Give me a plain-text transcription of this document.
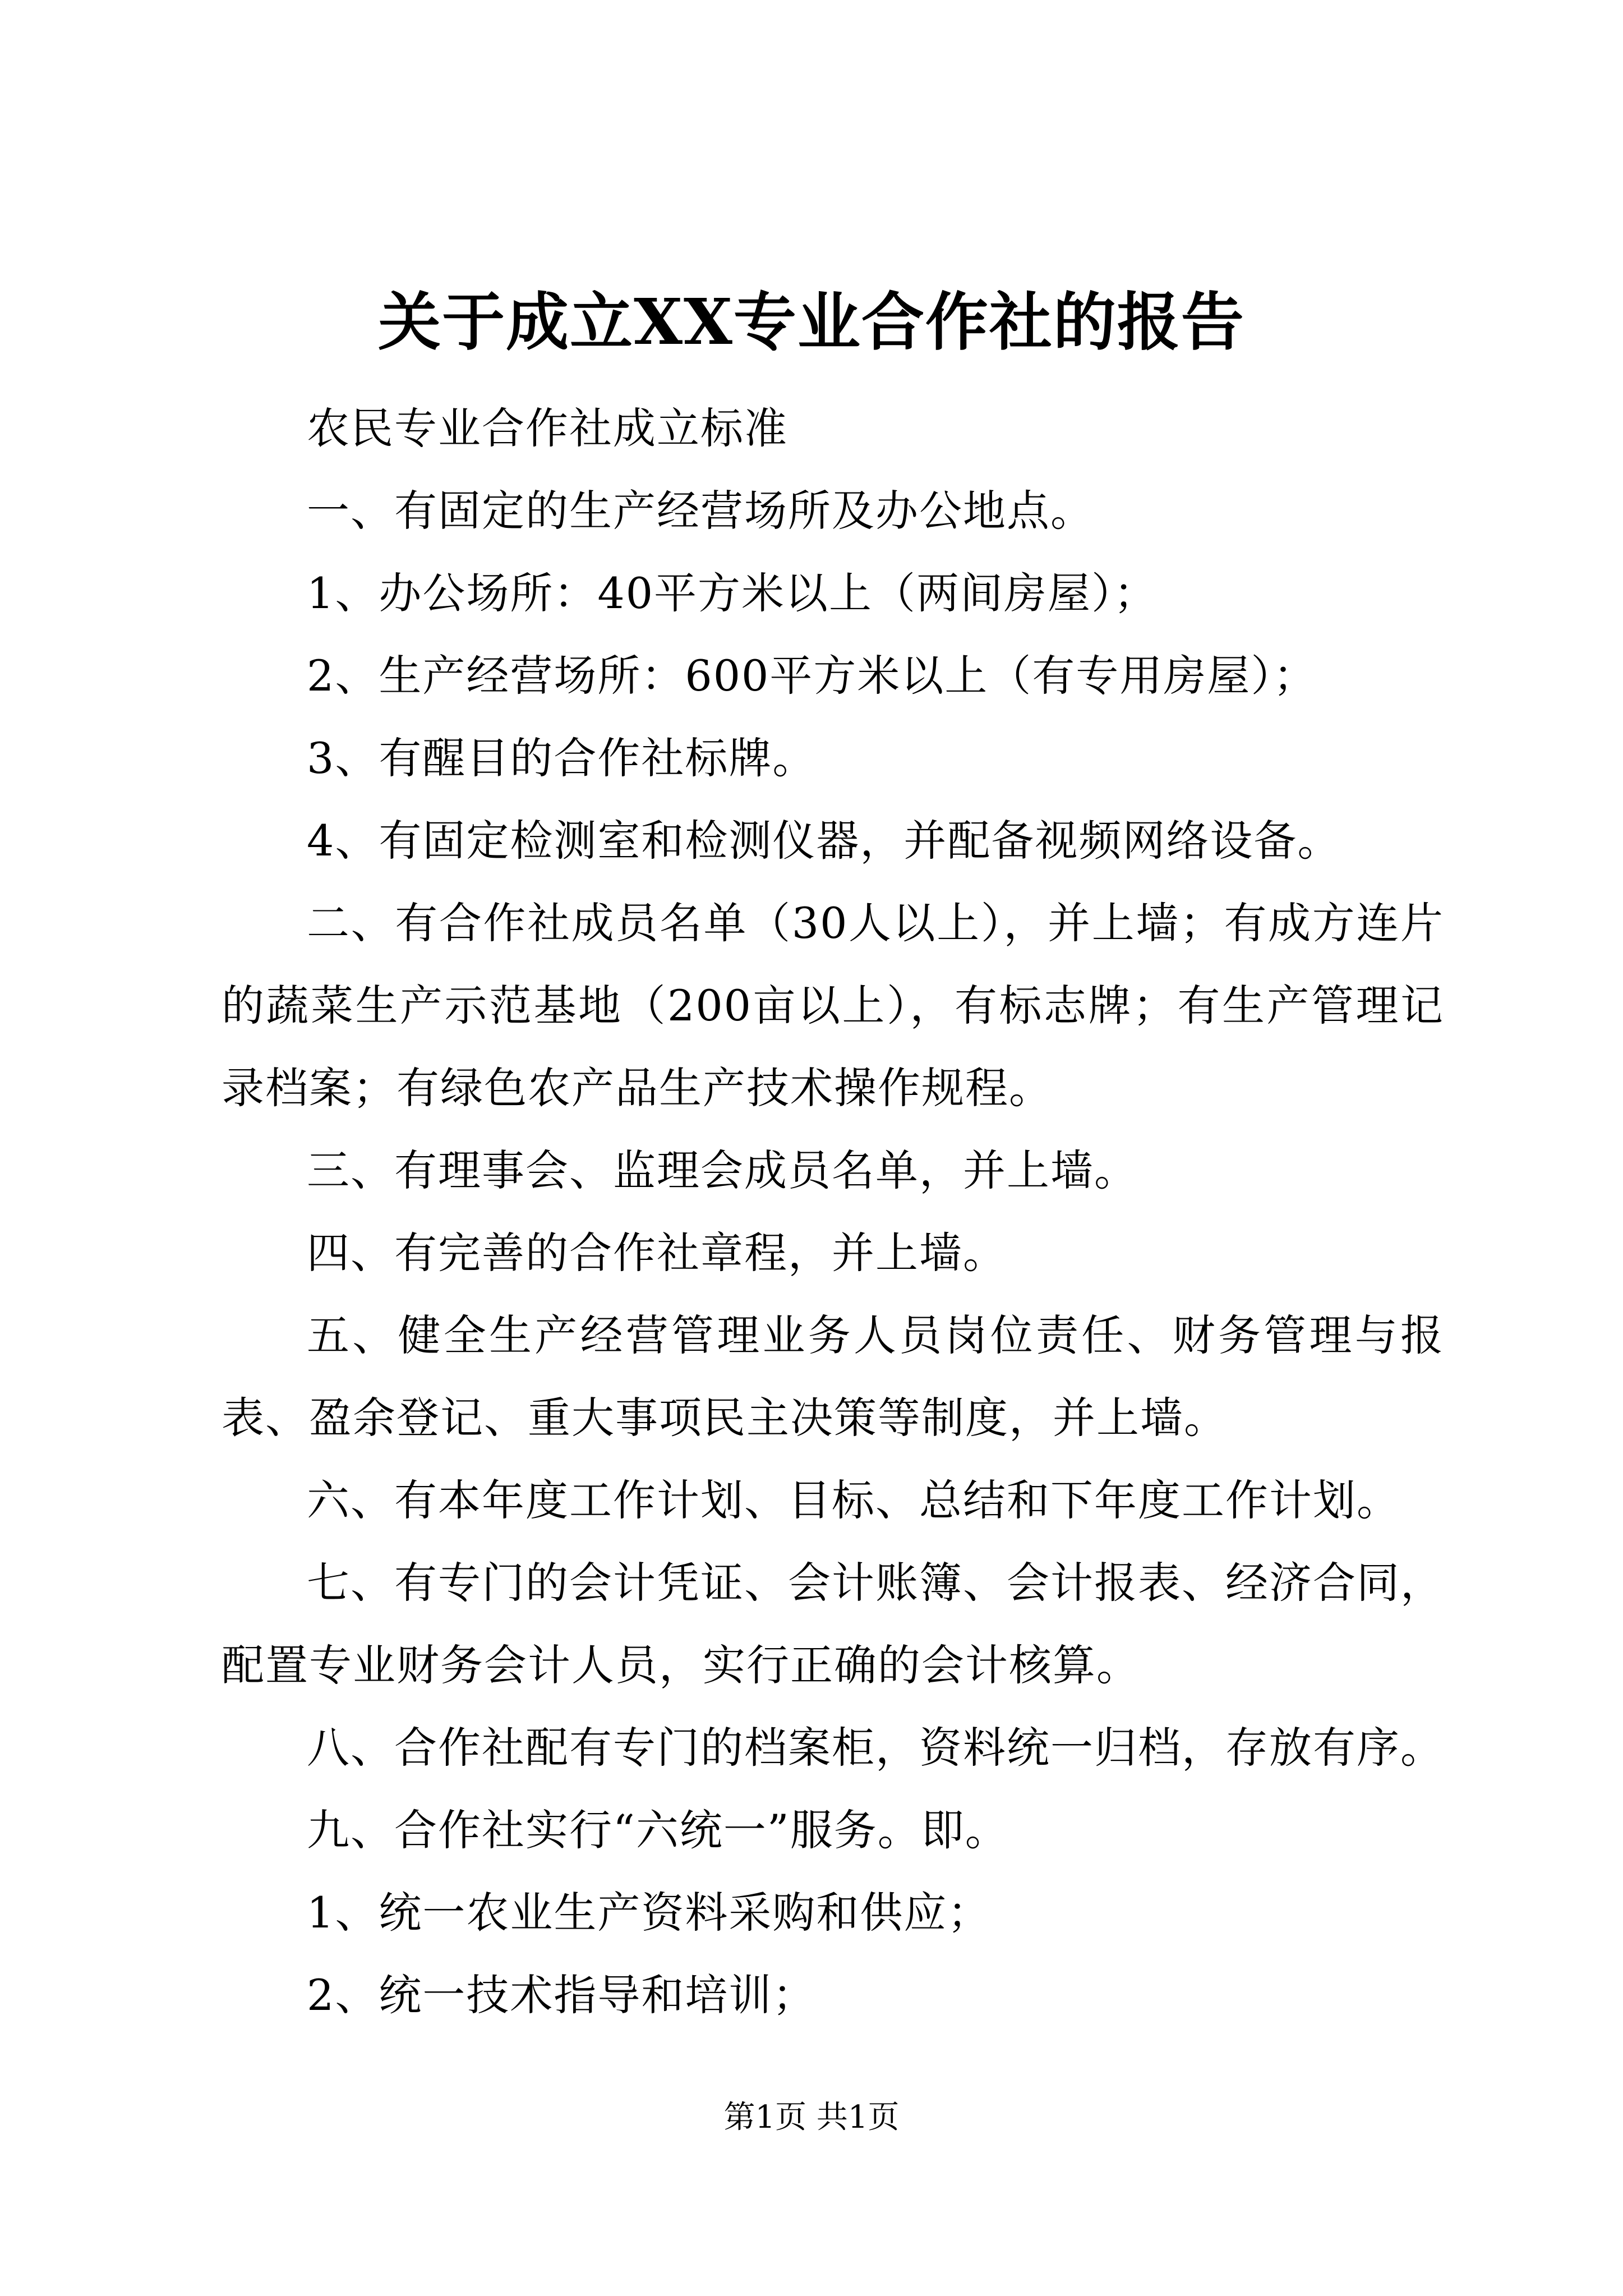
关于成立XX专业合作社的报告

农民专业合作社成立标准

一、有固定的生产经营场所及办公地点。

1、办公场所：40平方米以上（两间房屋）；

2、生产经营场所：600平方米以上（有专用房屋）；

3、有醒目的合作社标牌。

4、有固定检测室和检测仪器，并配备视频网络设备。

二、有合作社成员名单（30人以上），并上墙；有成方连片的蔬菜生产示范基地（200亩以上），有标志牌；有生产管理记录档案；有绿色农产品生产技术操作规程。

三、有理事会、监理会成员名单，并上墙。

四、有完善的合作社章程，并上墙。

五、健全生产经营管理业务人员岗位责任、财务管理与报表、盈余登记、重大事项民主决策等制度，并上墙。

六、有本年度工作计划、目标、总结和下年度工作计划。

七、有专门的会计凭证、会计账簿、会计报表、经济合同，配置专业财务会计人员，实行正确的会计核算。

八、合作社配有专门的档案柜，资料统一归档，存放有序。

九、合作社实行“六统一”服务。即。

1、统一农业生产资料采购和供应；

2、统一技术指导和培训；

第1页 共1页
